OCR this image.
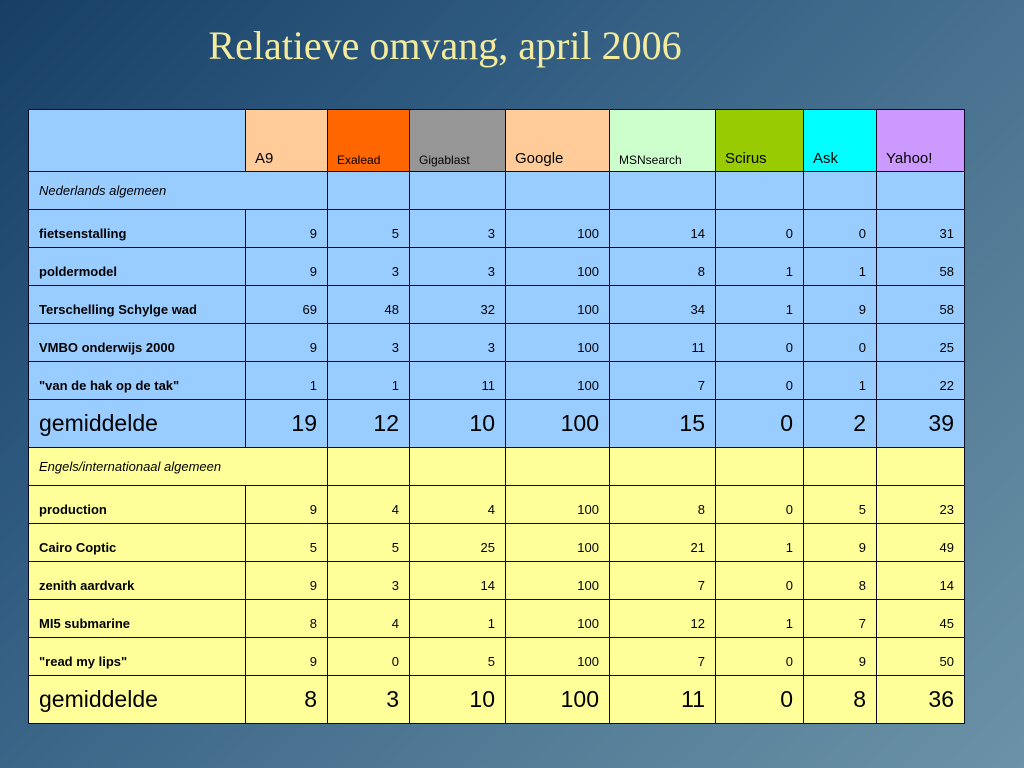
Relatieve omvang, april 2006
	A9	Exalead	Gigablast	Google	MSNsearch	Scirus	Ask	Yahoo!
Nederlands algemeen								
fietsenstalling	9	5	3	100	14	0	0	31
poldermodel	9	3	3	100	8	1	1	58
Terschelling Schylge wad	69	48	32	100	34	1	9	58
VMBO onderwijs 2000	9	3	3	100	11	0	0	25
"van de hak op de tak"	1	1	11	100	7	0	1	22
gemiddelde	19	12	10	100	15	0	2	39
Engels/internationaal algemeen								
production	9	4	4	100	8	0	5	23
Cairo Coptic	5	5	25	100	21	1	9	49
zenith aardvark	9	3	14	100	7	0	8	14
MI5 submarine	8	4	1	100	12	1	7	45
"read my lips"	9	0	5	100	7	0	9	50
gemiddelde	8	3	10	100	11	0	8	36
